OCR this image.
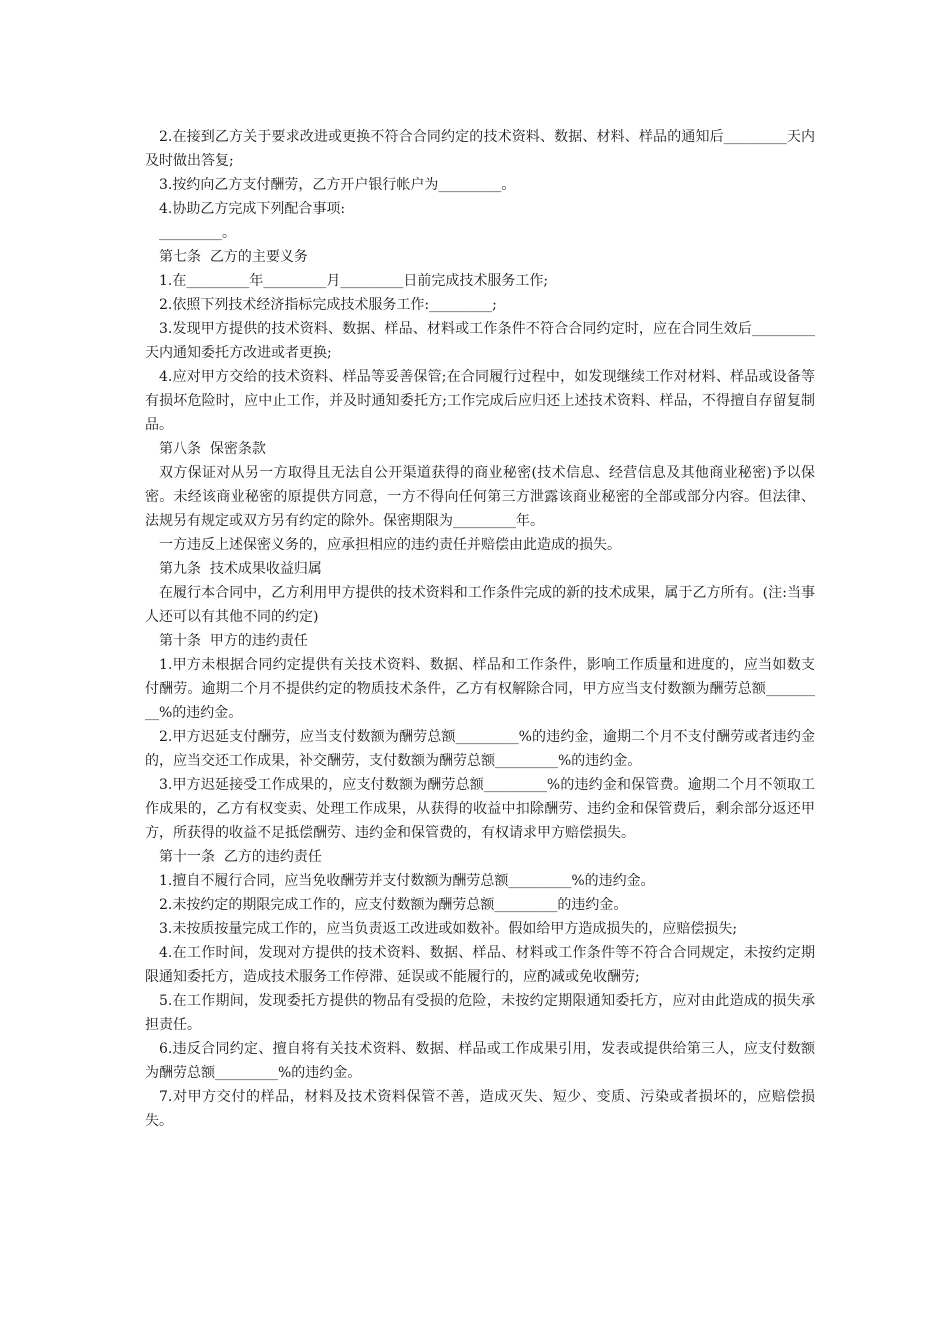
2.在接到乙方关于要求改进或更换不符合合同约定的技术资料、数据、材料、样品的通知后_________天内及时做出答复;

3.按约向乙方支付酬劳，乙方开户银行帐户为_________。

4.协助乙方完成下列配合事项:

_________。

第七条  乙方的主要义务

1.在_________年_________月_________日前完成技术服务工作;

2.依照下列技术经济指标完成技术服务工作:_________;

3.发现甲方提供的技术资料、数据、样品、材料或工作条件不符合合同约定时，应在合同生效后_________天内通知委托方改进或者更换;

4.应对甲方交给的技术资料、样品等妥善保管;在合同履行过程中，如发现继续工作对材料、样品或设备等有损坏危险时，应中止工作，并及时通知委托方;工作完成后应归还上述技术资料、样品，不得擅自存留复制品。

第八条  保密条款

双方保证对从另一方取得且无法自公开渠道获得的商业秘密(技术信息、经营信息及其他商业秘密)予以保密。未经该商业秘密的原提供方同意，一方不得向任何第三方泄露该商业秘密的全部或部分内容。但法律、法规另有规定或双方另有约定的除外。保密期限为_________年。

一方违反上述保密义务的，应承担相应的违约责任并赔偿由此造成的损失。

第九条  技术成果收益归属

在履行本合同中，乙方利用甲方提供的技术资料和工作条件完成的新的技术成果，属于乙方所有。(注:当事人还可以有其他不同的约定)

第十条  甲方的违约责任

1.甲方未根据合同约定提供有关技术资料、数据、样品和工作条件，影响工作质量和进度的，应当如数支付酬劳。逾期二个月不提供约定的物质技术条件，乙方有权解除合同，甲方应当支付数额为酬劳总额_________%的违约金。

2.甲方迟延支付酬劳，应当支付数额为酬劳总额_________%的违约金，逾期二个月不支付酬劳或者违约金的，应当交还工作成果，补交酬劳，支付数额为酬劳总额_________%的违约金。

3.甲方迟延接受工作成果的，应支付数额为酬劳总额_________%的违约金和保管费。逾期二个月不领取工作成果的，乙方有权变卖、处理工作成果，从获得的收益中扣除酬劳、违约金和保管费后，剩余部分返还甲方，所获得的收益不足抵偿酬劳、违约金和保管费的，有权请求甲方赔偿损失。

第十一条  乙方的违约责任

1.擅自不履行合同，应当免收酬劳并支付数额为酬劳总额_________%的违约金。

2.未按约定的期限完成工作的，应支付数额为酬劳总额_________的违约金。

3.未按质按量完成工作的，应当负责返工改进或如数补。假如给甲方造成损失的，应赔偿损失;

4.在工作时间，发现对方提供的技术资料、数据、样品、材料或工作条件等不符合合同规定，未按约定期限通知委托方，造成技术服务工作停滞、延误或不能履行的，应酌减或免收酬劳;

5.在工作期间，发现委托方提供的物品有受损的危险，未按约定期限通知委托方，应对由此造成的损失承担责任。

6.违反合同约定、擅自将有关技术资料、数据、样品或工作成果引用，发表或提供给第三人，应支付数额为酬劳总额_________%的违约金。

7.对甲方交付的样品，材料及技术资料保管不善，造成灭失、短少、变质、污染或者损坏的，应赔偿损失。
